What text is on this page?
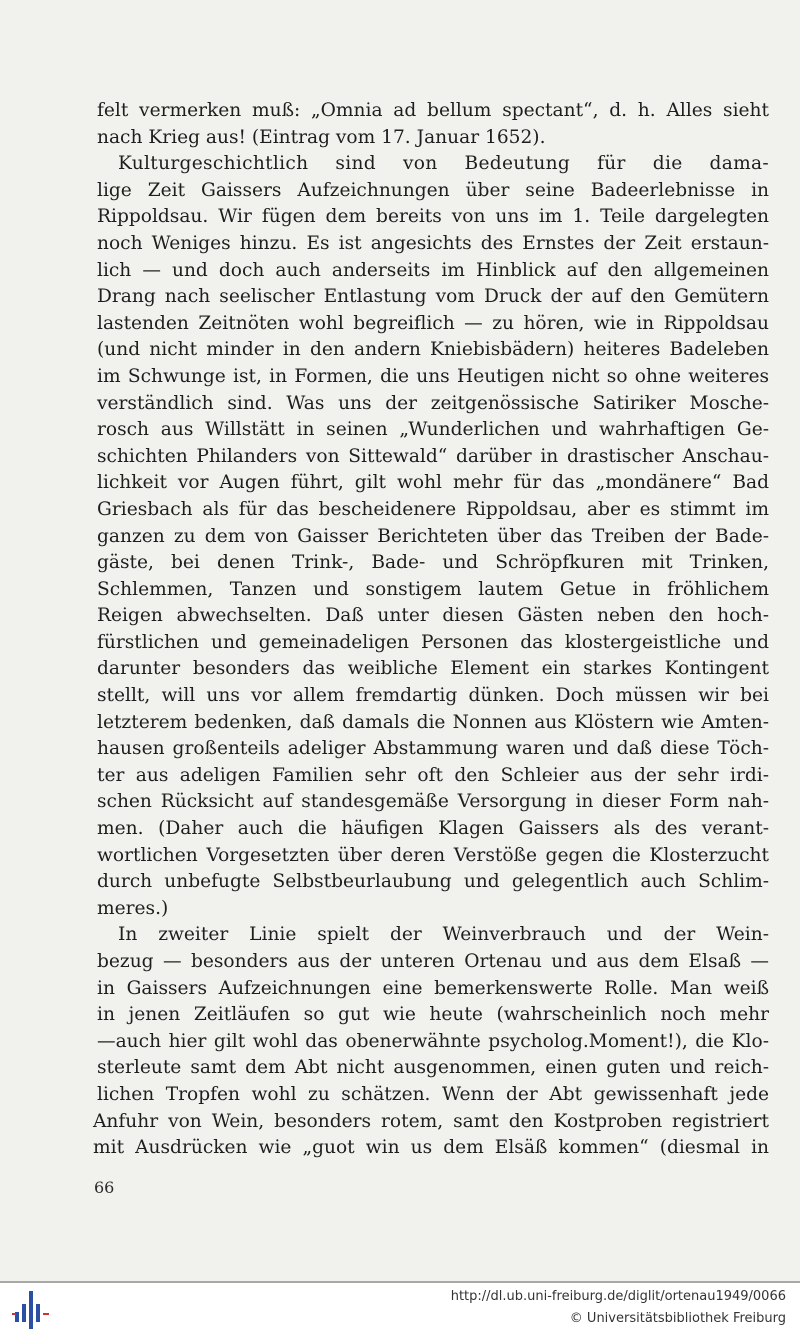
felt vermerken muß: „Omnia ad bellum spectant“, d. h. Alles sieht
nach Krieg aus! (Eintrag vom 17. Januar 1652).
Kulturgeschichtlich sind von Bedeutung für die dama-
lige Zeit Gaissers Aufzeichnungen über seine Badeerlebnisse in
Rippoldsau. Wir fügen dem bereits von uns im 1. Teile dargelegten
noch Weniges hinzu. Es ist angesichts des Ernstes der Zeit erstaun-
lich — und doch auch anderseits im Hinblick auf den allgemeinen
Drang nach seelischer Entlastung vom Druck der auf den Gemütern
lastenden Zeitnöten wohl begreiflich — zu hören, wie in Rippoldsau
(und nicht minder in den andern Kniebisbädern) heiteres Badeleben
im Schwunge ist, in Formen, die uns Heutigen nicht so ohne weiteres
verständlich sind. Was uns der zeitgenössische Satiriker Mosche-
rosch aus Willstätt in seinen „Wunderlichen und wahrhaftigen Ge-
schichten Philanders von Sittewald“ darüber in drastischer Anschau-
lichkeit vor Augen führt, gilt wohl mehr für das „mondänere“ Bad
Griesbach als für das bescheidenere Rippoldsau, aber es stimmt im
ganzen zu dem von Gaisser Berichteten über das Treiben der Bade-
gäste, bei denen Trink-, Bade- und Schröpfkuren mit Trinken,
Schlemmen, Tanzen und sonstigem lautem Getue in fröhlichem
Reigen abwechselten. Daß unter diesen Gästen neben den hoch-
fürstlichen und gemeinadeligen Personen das klostergeistliche und
darunter besonders das weibliche Element ein starkes Kontingent
stellt, will uns vor allem fremdartig dünken. Doch müssen wir bei
letzterem bedenken, daß damals die Nonnen aus Klöstern wie Amten-
hausen großenteils adeliger Abstammung waren und daß diese Töch-
ter aus adeligen Familien sehr oft den Schleier aus der sehr irdi-
schen Rücksicht auf standesgemäße Versorgung in dieser Form nah-
men. (Daher auch die häufigen Klagen Gaissers als des verant-
wortlichen Vorgesetzten über deren Verstöße gegen die Klosterzucht
durch unbefugte Selbstbeurlaubung und gelegentlich auch Schlim-
meres.)
In zweiter Linie spielt der Weinverbrauch und der Wein-
bezug — besonders aus der unteren Ortenau und aus dem Elsaß —
in Gaissers Aufzeichnungen eine bemerkenswerte Rolle. Man weiß
in jenen Zeitläufen so gut wie heute (wahrscheinlich noch mehr
—auch hier gilt wohl das obenerwähnte psycholog.Moment!), die Klo-
sterleute samt dem Abt nicht ausgenommen, einen guten und reich-
lichen Tropfen wohl zu schätzen. Wenn der Abt gewissenhaft jede
Anfuhr von Wein, besonders rotem, samt den Kostproben registriert
mit Ausdrücken wie „guot win us dem Elsäß kommen“ (diesmal in
66
http://dl.ub.uni-freiburg.de/diglit/ortenau1949/0066
© Universitätsbibliothek Freiburg
